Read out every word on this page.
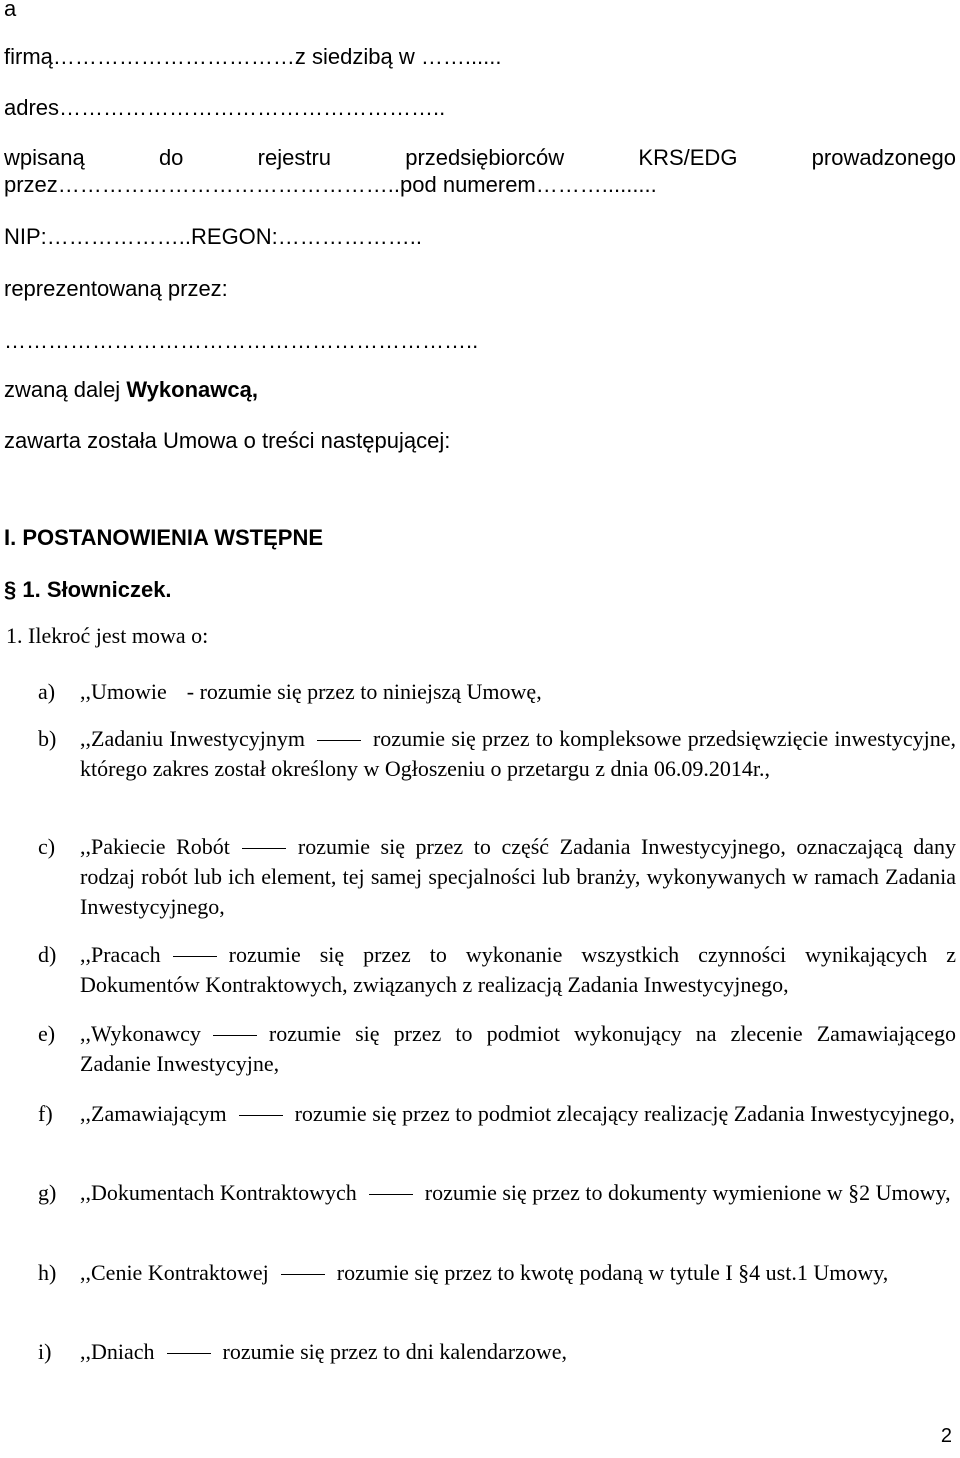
a
firmą……………………………z siedzibą w ……......
adres……………………………………………..
wpisaną	do	rejestru	przedsiębiorców	KRS/EDG	prowadzonego
przez………………………………………..pod numerem……….........
NIP:………………..REGON:………………..
reprezentowaną przez:
………………………………………………………..
zwaną dalej Wykonawcą,
zawarta została Umowa o treści następującej:
I. POSTANOWIENIA WSTĘPNE
§ 1. Słowniczek.
1. Ilekroć jest mowa o:
a)	,,Umowie - rozumie się przez to niniejszą Umowę,
b)	,,Zadaniu Inwestycyjnym	rozumie się przez to kompleksowe przedsięwzięcie inwestycyjne, którego zakres został określony w Ogłoszeniu o przetargu z dnia 06.09.2014r.,
c)	,,Pakiecie Robót	rozumie się przez to część Zadania Inwestycyjnego, oznaczającą dany rodzaj robót lub ich element, tej samej specjalności lub branży, wykonywanych w ramach Zadania Inwestycyjnego,
d)	,,Pracach	rozumie się przez to wykonanie wszystkich czynności wynikających z Dokumentów Kontraktowych, związanych z realizacją Zadania Inwestycyjnego,
e)	,,Wykonawcy	rozumie się przez to podmiot wykonujący na zlecenie Zamawiającego Zadanie Inwestycyjne,
f)	,,Zamawiającym	rozumie się przez to podmiot zlecający realizację Zadania Inwestycyjnego,
g)	,,Dokumentach Kontraktowych	rozumie się przez to dokumenty wymienione w §2 Umowy,
h)	,,Cenie Kontraktowej	rozumie się przez to kwotę podaną w tytule I §4 ust.1 Umowy,
i)	,,Dniach	rozumie się przez to dni kalendarzowe,
2
